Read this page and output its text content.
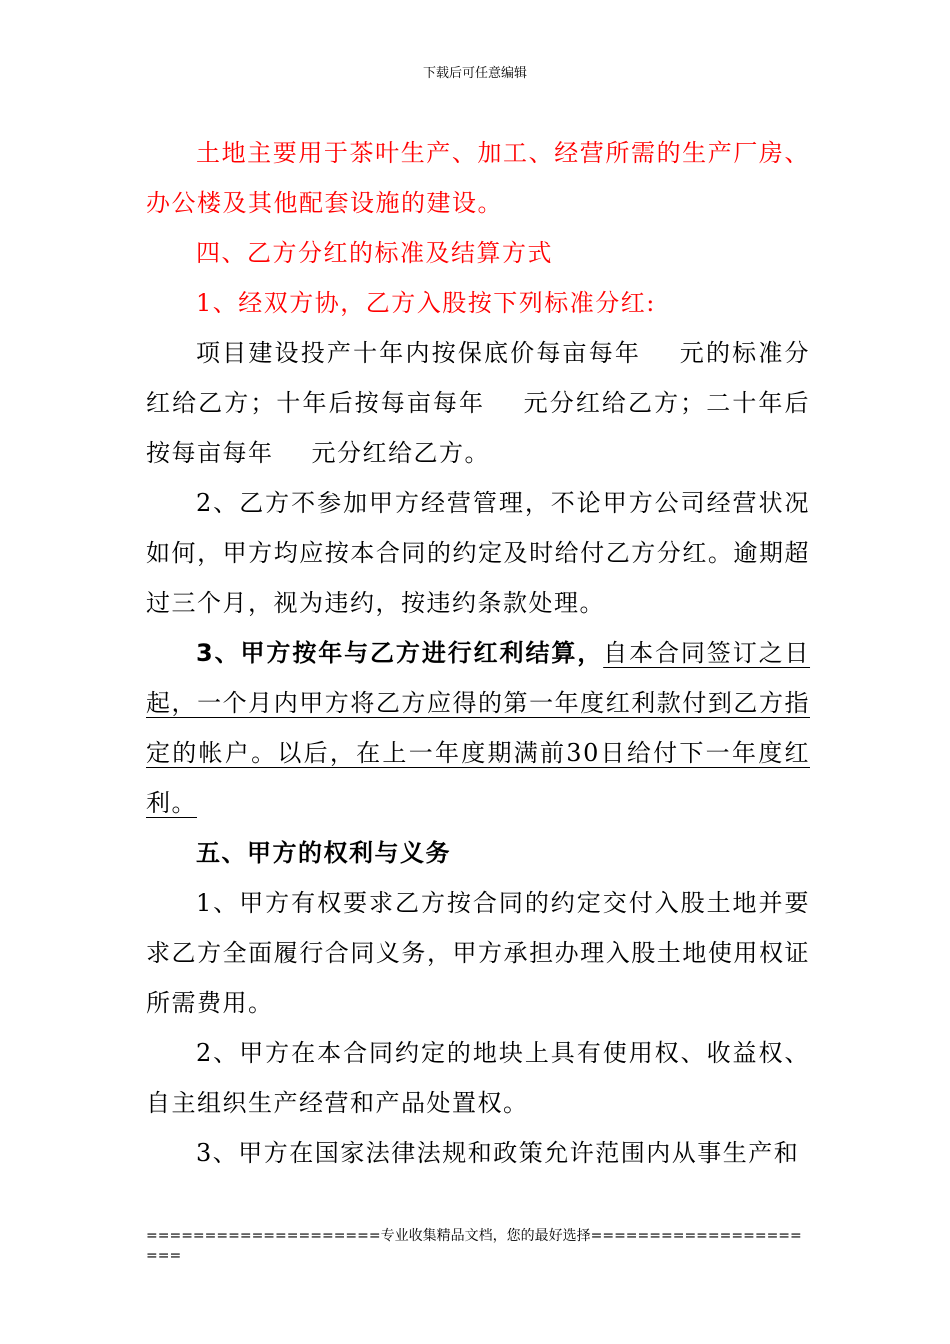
下载后可任意编辑

土地主要用于茶叶生产、加工、经营所需的生产厂房、办公楼及其他配套设施的建设。

四、乙方分红的标准及结算方式

1、经双方协，乙方入股按下列标准分红:

项目建设投产十年内按保底价每亩每年 元的标准分红给乙方；十年后按每亩每年 元分红给乙方；二十年后按每亩每年 元分红给乙方。

2、乙方不参加甲方经营管理，不论甲方公司经营状况如何，甲方均应按本合同的约定及时给付乙方分红。逾期超过三个月，视为违约，按违约条款处理。

3、甲方按年与乙方进行红利结算，自本合同签订之日起，一个月内甲方将乙方应得的第一年度红利款付到乙方指定的帐户。以后，在上一年度期满前30日给付下一年度红利。

五、甲方的权利与义务

1、甲方有权要求乙方按合同的约定交付入股土地并要求乙方全面履行合同义务，甲方承担办理入股土地使用权证所需费用。

2、甲方在本合同约定的地块上具有使用权、收益权、自主组织生产经营和产品处置权。

3、甲方在国家法律法规和政策允许范围内从事生产和

====================专业收集精品文档，您的最好选择=====================
